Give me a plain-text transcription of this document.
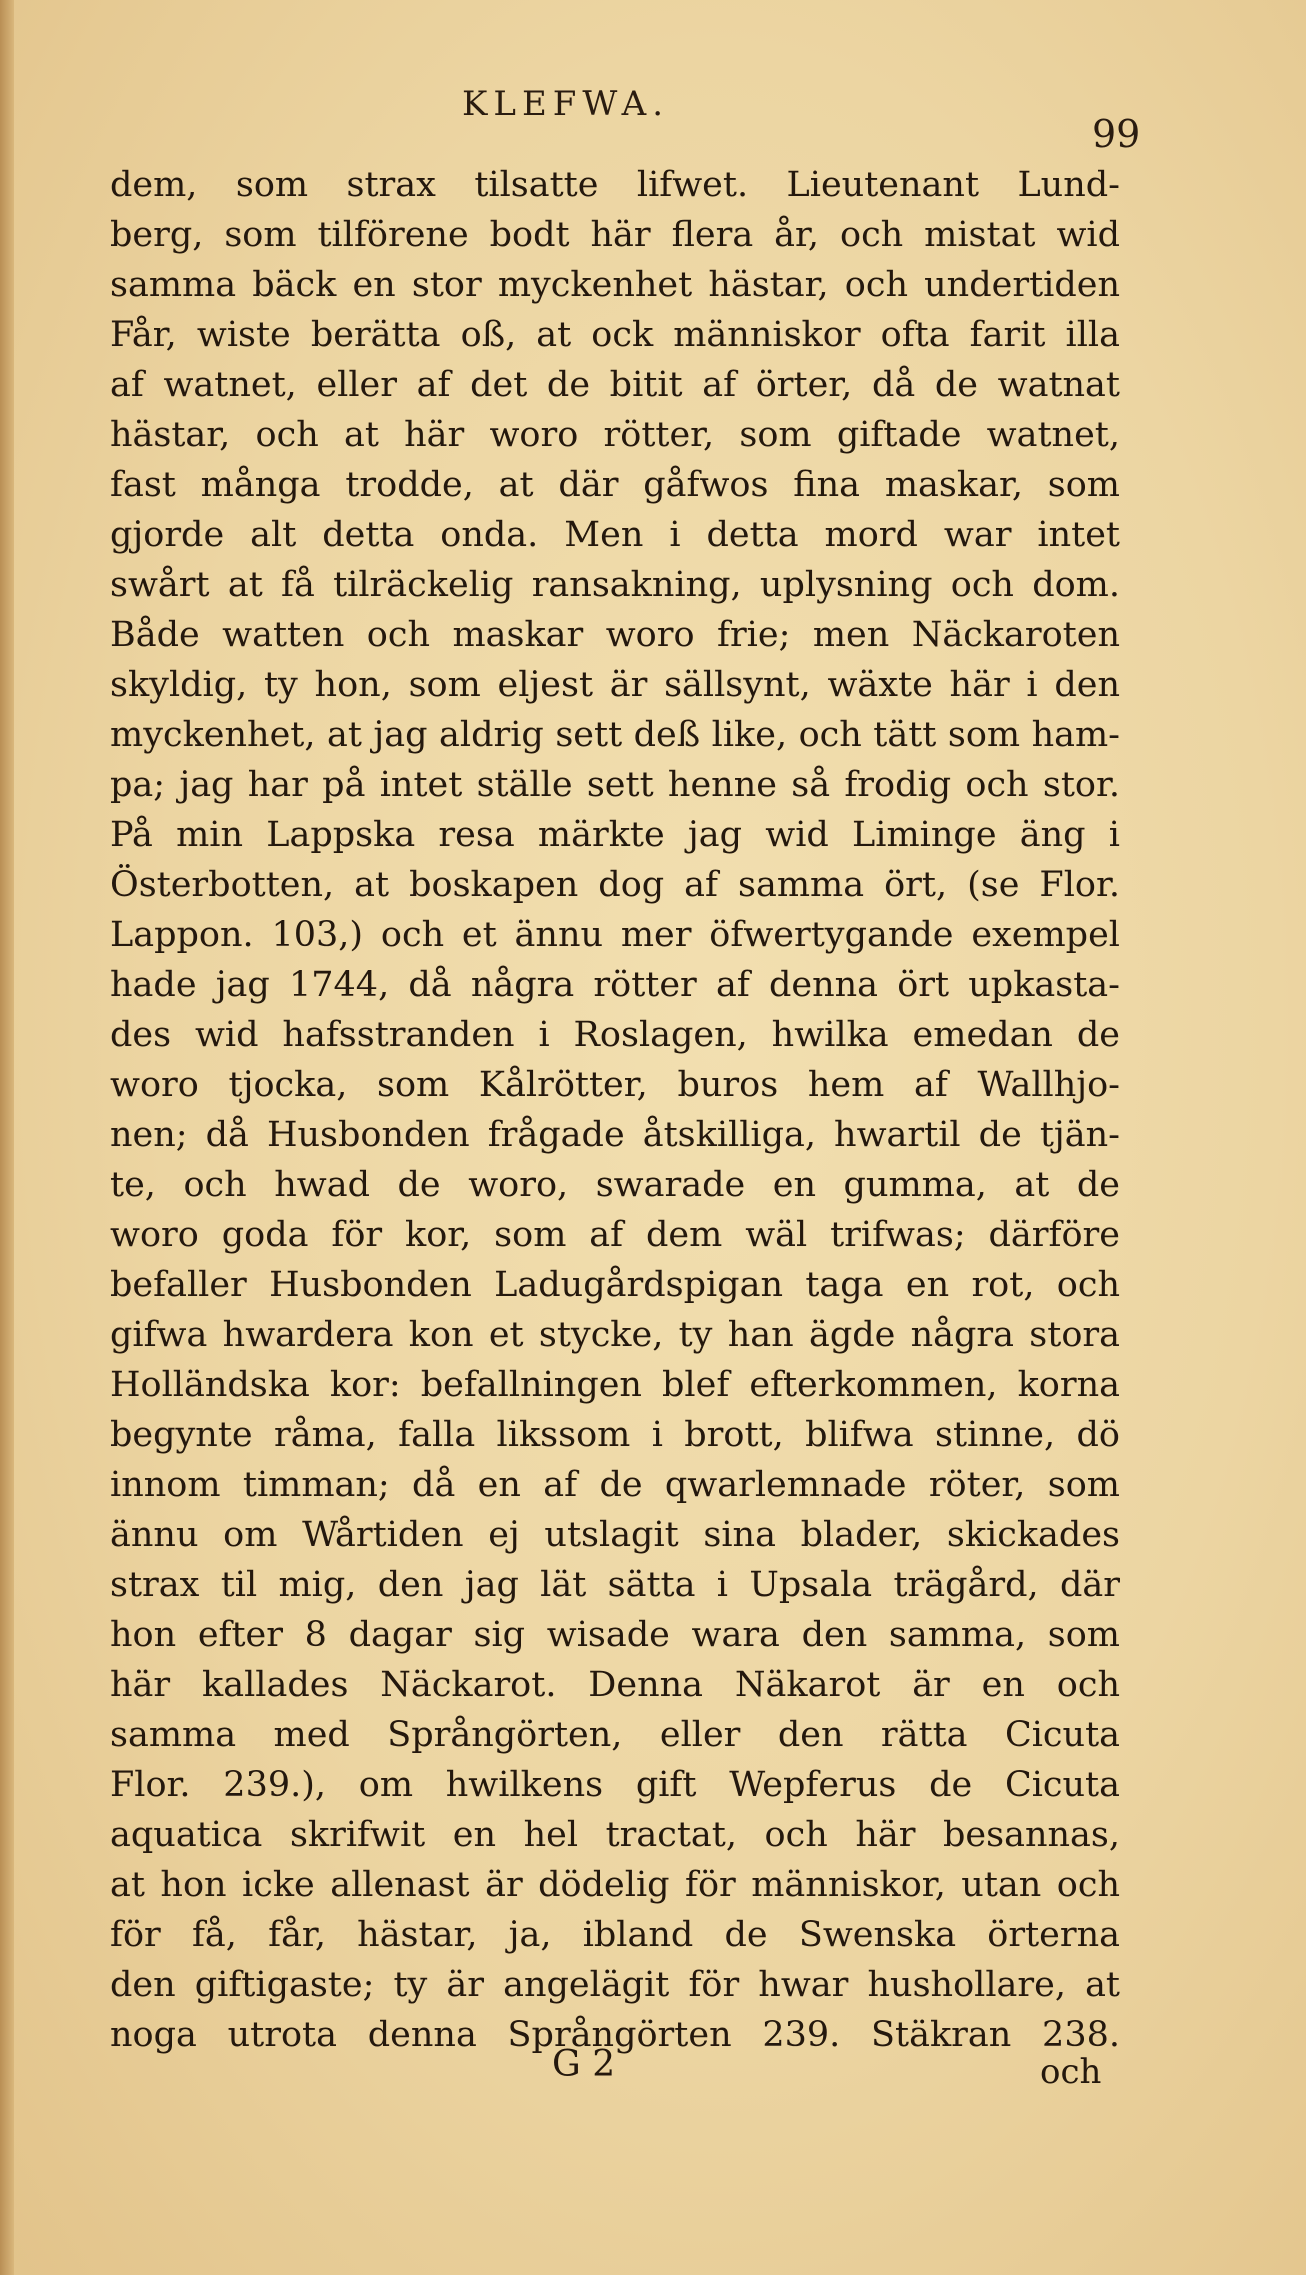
KLEFWA.
99
dem, som strax tilsatte lifwet. Lieutenant Lund-
berg, som tilförene bodt här flera år, och mistat wid
samma bäck en stor myckenhet hästar, och undertiden
Får, wiste berätta oß, at ock människor ofta farit illa
af watnet, eller af det de bitit af örter, då de watnat
hästar, och at här woro rötter, som giftade watnet,
fast många trodde, at där gåfwos fina maskar, som
gjorde alt detta onda. Men i detta mord war intet
swårt at få tilräckelig ransakning, uplysning och dom.
Både watten och maskar woro frie; men Näckaroten
skyldig, ty hon, som eljest är sällsynt, wäxte här i den
myckenhet, at jag aldrig sett deß like, och tätt som ham-
pa; jag har på intet ställe sett henne så frodig och stor.
På min Lappska resa märkte jag wid Liminge äng i
Österbotten, at boskapen dog af samma ört, (se Flor.
Lappon. 103,) och et ännu mer öfwertygande exempel
hade jag 1744, då några rötter af denna ört upkasta-
des wid hafsstranden i Roslagen, hwilka emedan de
woro tjocka, som Kålrötter, buros hem af Wallhjo-
nen; då Husbonden frågade åtskilliga, hwartil de tjän-
te, och hwad de woro, swarade en gumma, at de
woro goda för kor, som af dem wäl trifwas; därföre
befaller Husbonden Ladugårdspigan taga en rot, och
gifwa hwardera kon et stycke, ty han ägde några stora
Holländska kor: befallningen blef efterkommen, korna
begynte råma, falla likssom i brott, blifwa stinne, dö
innom timman; då en af de qwarlemnade röter, som
ännu om Wårtiden ej utslagit sina blader, skickades
strax til mig, den jag lät sätta i Upsala trägård, där
hon efter 8 dagar sig wisade wara den samma, som
här kallades Näckarot. Denna Näkarot är en och
samma med Språngörten, eller den rätta Cicuta
Flor. 239.), om hwilkens gift Wepferus de Cicuta
aquatica skrifwit en hel tractat, och här besannas,
at hon icke allenast är dödelig för människor, utan och
för få, får, hästar, ja, ibland de Swenska örterna
den giftigaste; ty är angelägit för hwar hushollare, at
noga utrota denna Språngörten 239. Stäkran 238.
G 2	och
